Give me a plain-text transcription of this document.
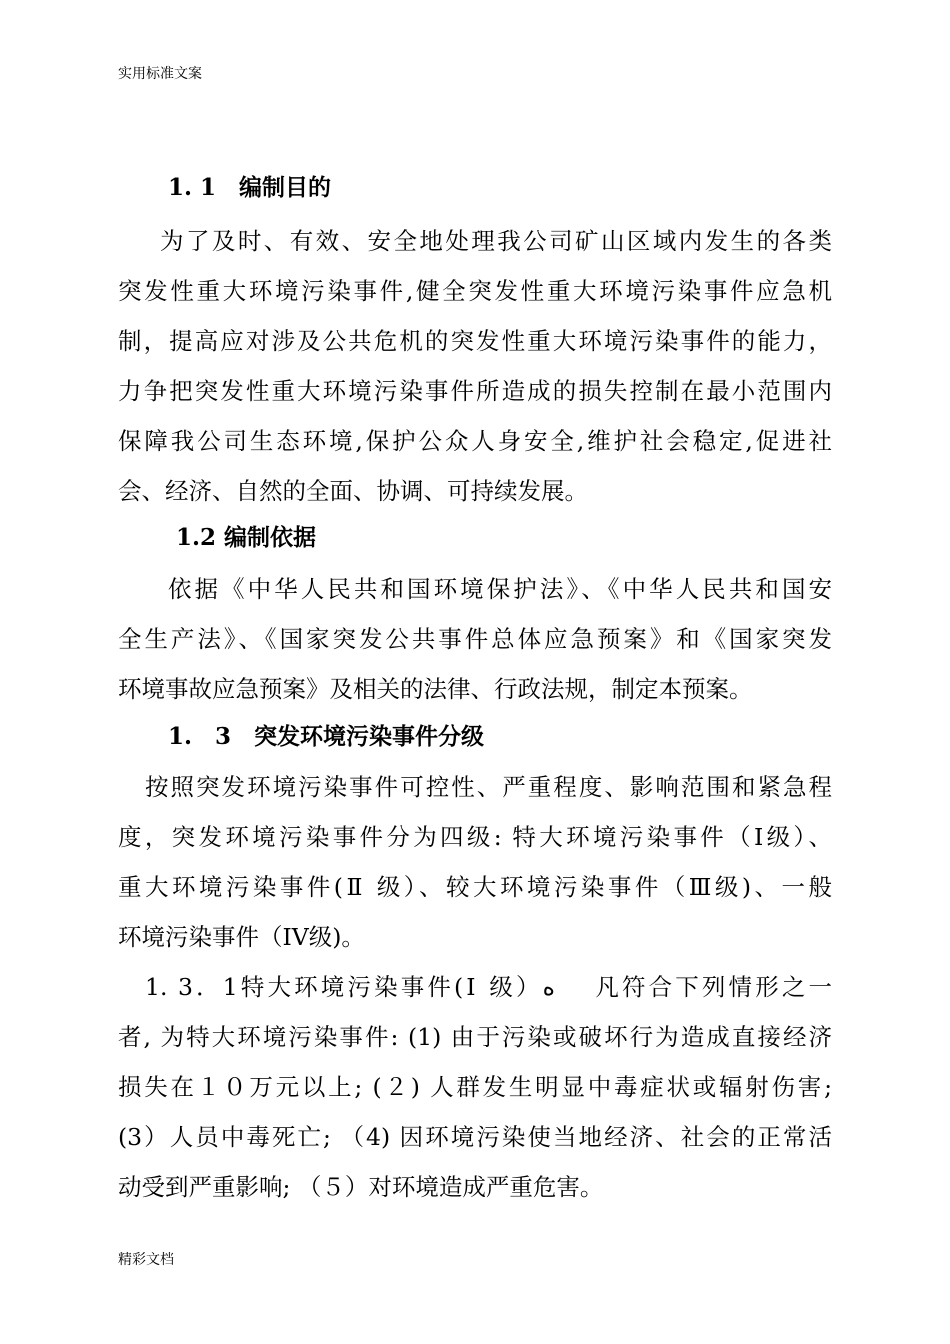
实用标准文案
1. 1　编制目的
为了及时、有效、安全地处理我公司矿山区域内发生的各类
突发性重大环境污染事件,健全突发性重大环境污染事件应急机
制，提高应对涉及公共危机的突发性重大环境污染事件的能力，
力争把突发性重大环境污染事件所造成的损失控制在最小范围内
保障我公司生态环境,保护公众人身安全,维护社会稳定,促进社
会、经济、自然的全面、协调、可持续发展。
1.2 编制依据
依据《中华人民共和国环境保护法》、《中华人民共和国安
全生产法》、《国家突发公共事件总体应急预案》和《国家突发
环境事故应急预案》及相关的法律、行政法规，制定本预案。
1.　3　突发环境污染事件分级
按照突发环境污染事件可控性、严重程度、影响范围和紧急程
度，突发环境污染事件分为四级: 特大环境污染事件（Ⅰ级）、
重大环境污染事件(Ⅱ 级）、较大环境污染事件（Ⅲ级)、一般
环境污染事件（ⅠⅤ级)。
1. 3．1特大环境污染事件(Ⅰ 级）ه　 凡符合下列情形之一
者, 为特大环境污染事件: (1) 由于污染或破坏行为造成直接经济
损失在１０万元以上; (２) 人群发生明显中毒症状或辐射伤害;
(3）人员中毒死亡; （4) 因环境污染使当地经济、社会的正常活
动受到严重影响; （５）对环境造成严重危害。
精彩文档
